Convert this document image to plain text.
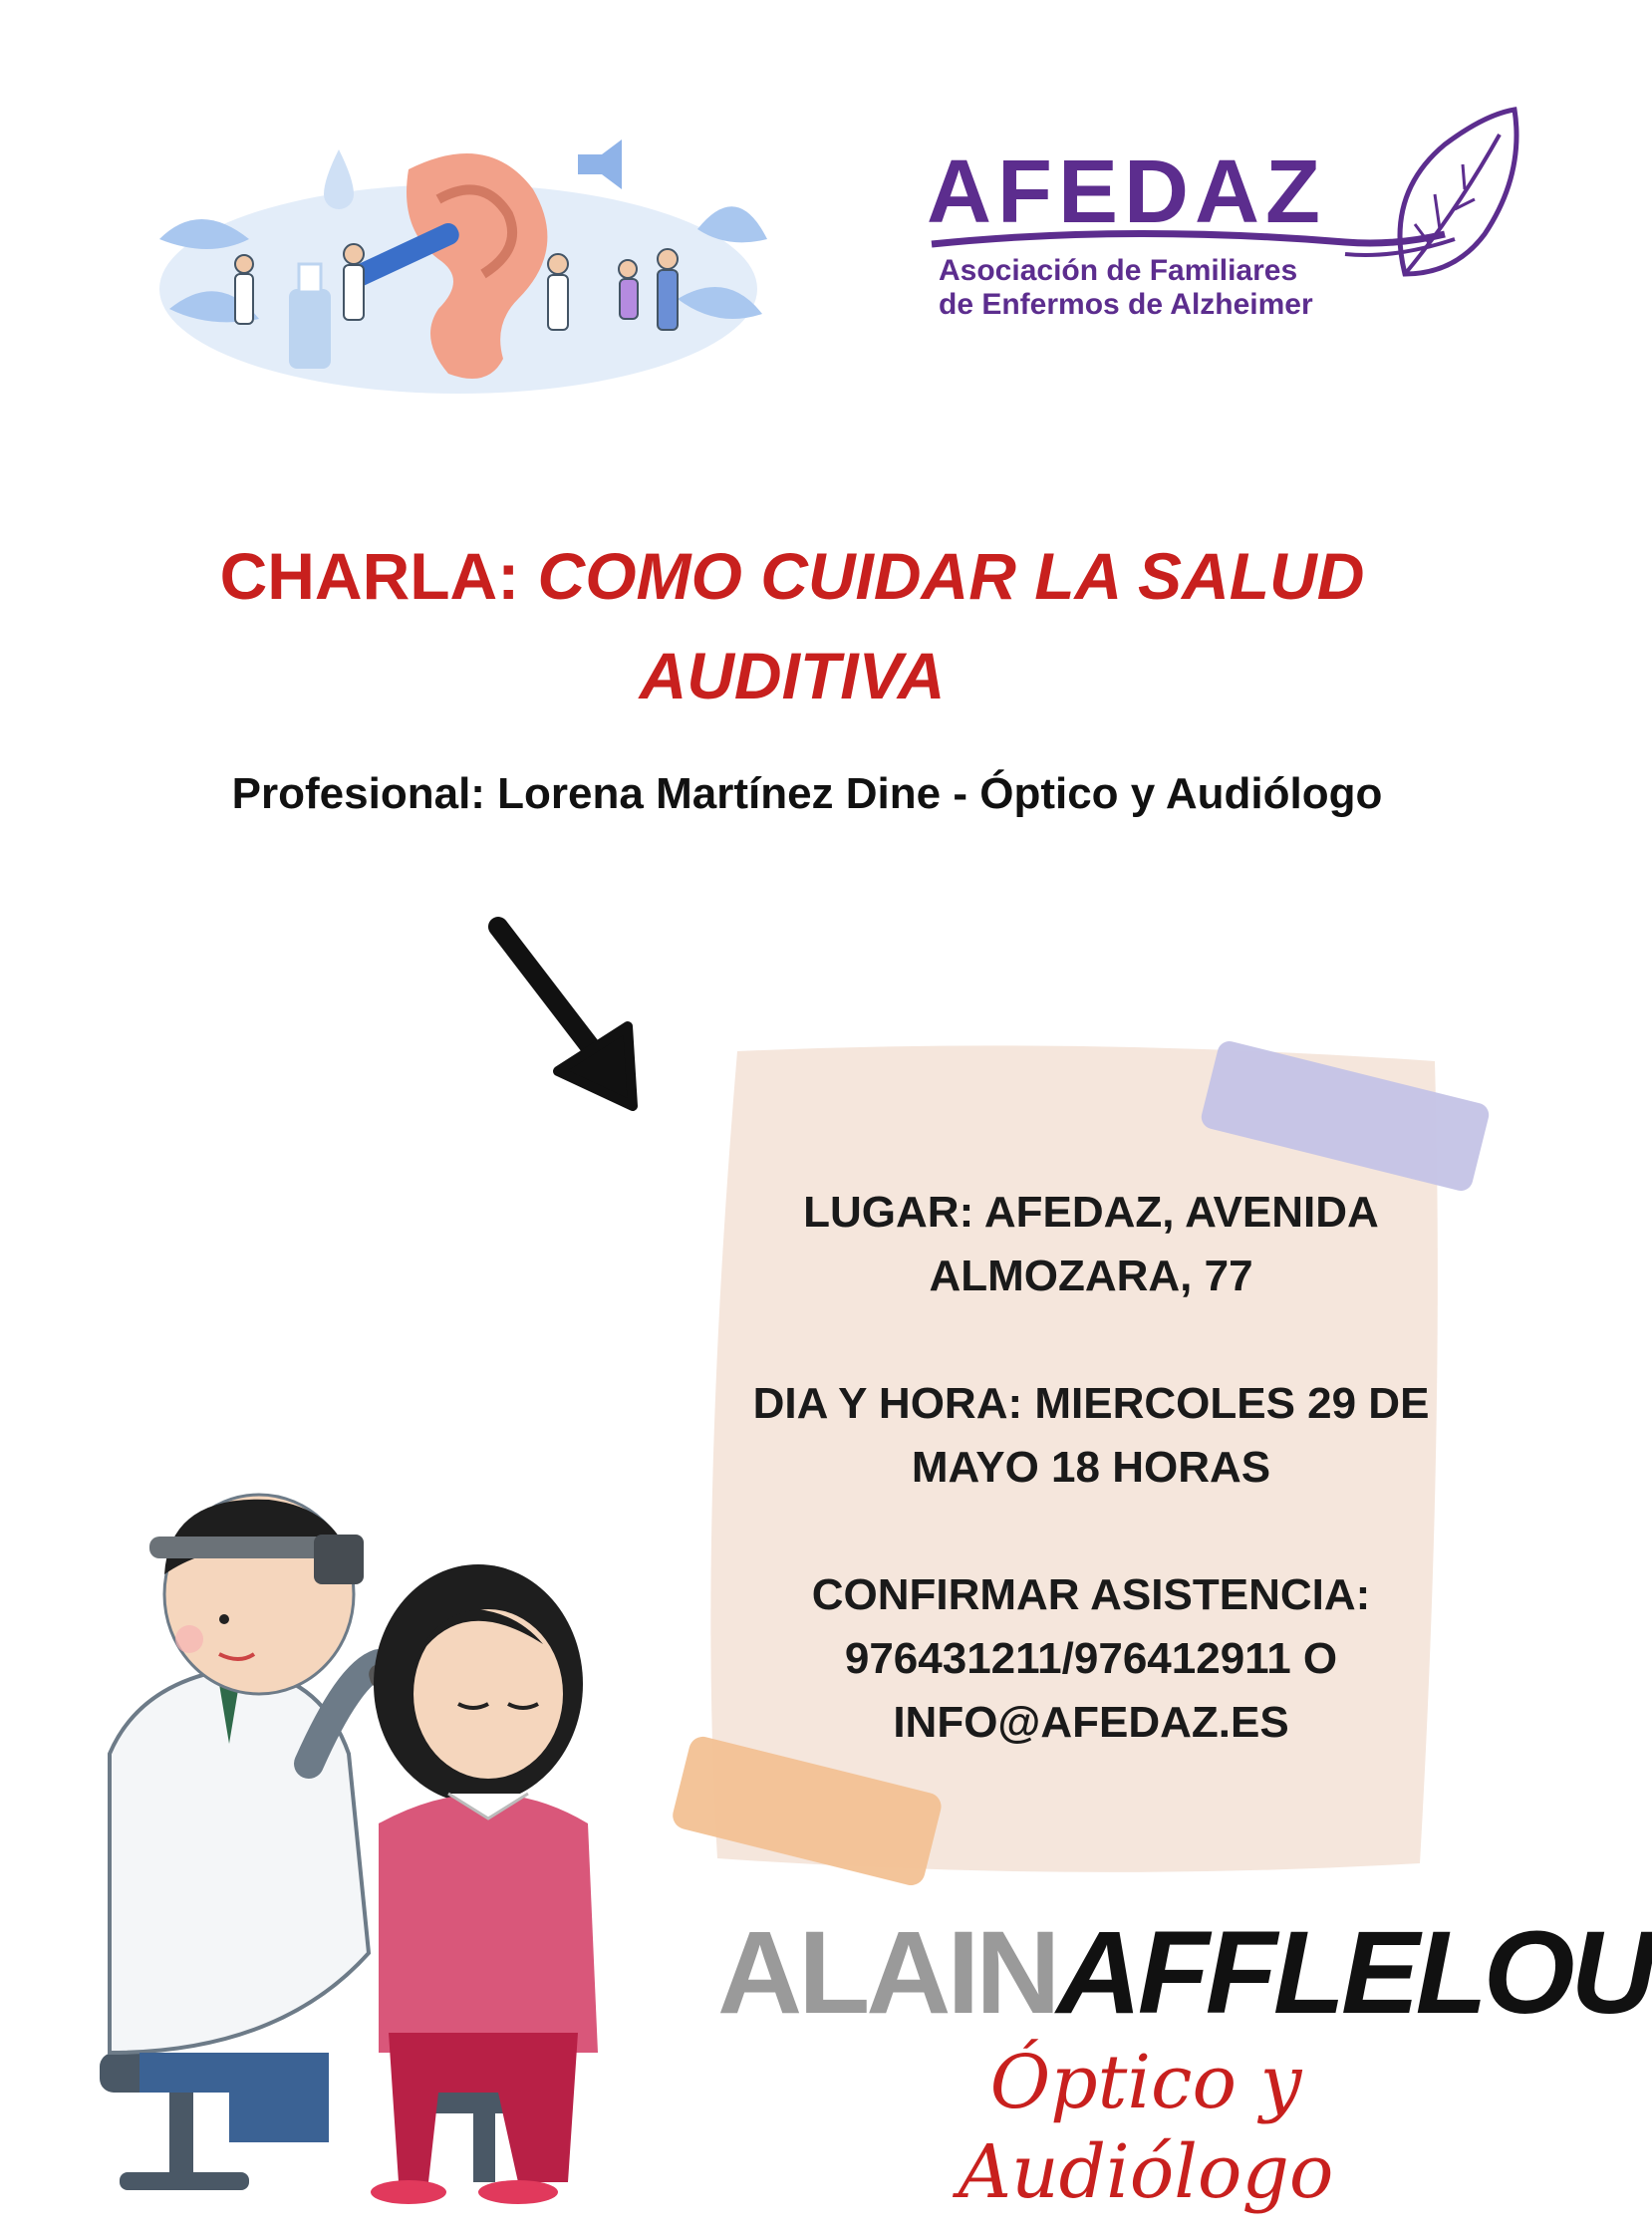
AFEDAZ
Asociación de Familiares
de Enfermos de Alzheimer
CHARLA: COMO CUIDAR LA SALUD AUDITIVA
Profesional: Lorena Martínez Dine - Óptico y Audiólogo

LUGAR: AFEDAZ, AVENIDA ALMOZARA, 77

DIA Y HORA: MIERCOLES 29 DE MAYO 18 HORAS

CONFIRMAR ASISTENCIA:
976431211/976412911 O
INFO@AFEDAZ.ES

ALAINAFFLELOU
Óptico y Audiólogo
